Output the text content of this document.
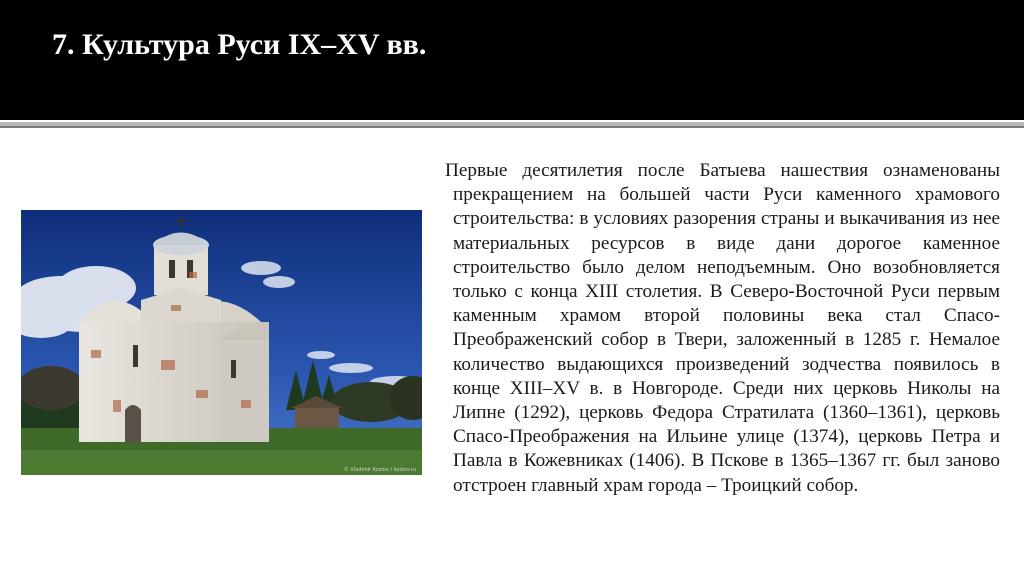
7. Культура Руси IX–XV вв.
© Vladimir Kozlov / kozlov.ru
Первые десятилетия после Батыева нашествия ознаменованы прекращением на большей части Руси каменного храмового строительства: в условиях разорения страны и выкачивания из нее материальных ресурсов в виде дани дорогое каменное строительство было делом неподъемным. Оно возобновляется только с конца XIII столетия. В Северо-Восточной Руси первым каменным храмом второй половины века стал Спасо-Преображенский собор в Твери, заложенный в 1285 г. Немалое количество выдающихся произведений зодчества появилось в конце XIII–XV в. в Новгороде. Среди них церковь Николы на Липне (1292), церковь Федора Стратилата (1360–1361), церковь Спасо-Преображения на Ильине улице (1374), церковь Петра и Павла в Кожевниках (1406). В Пскове в 1365–1367 гг. был заново отстроен главный храм города – Троицкий собор.
